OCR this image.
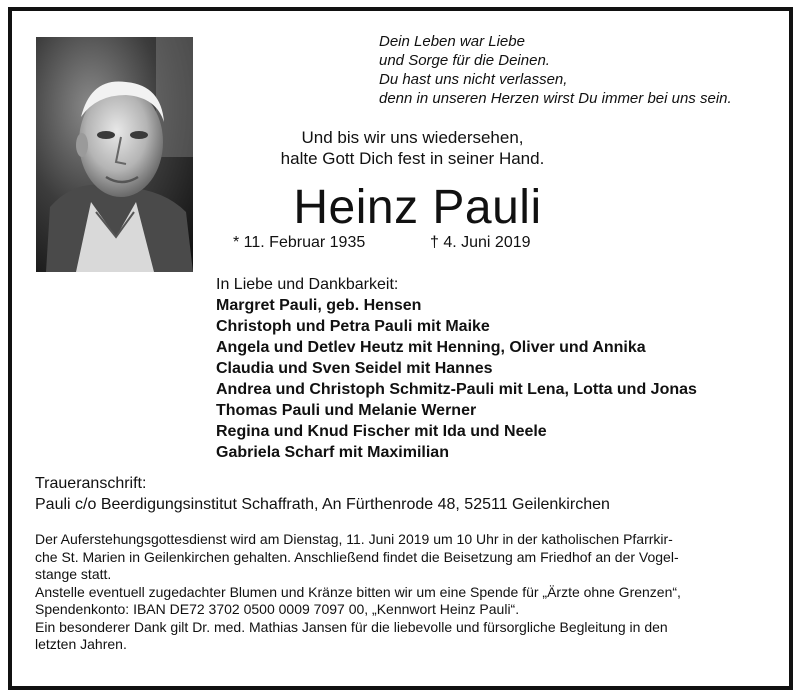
Dein Leben war Liebe
und Sorge für die Deinen.
Du hast uns nicht verlassen,
denn in unseren Herzen wirst Du immer bei uns sein.
Und bis wir uns wiedersehen,
halte Gott Dich fest in seiner Hand.
Heinz Pauli
* 11. Februar 1935	† 4. Juni 2019
In Liebe und Dankbarkeit:
Margret Pauli, geb. Hensen
Christoph und Petra Pauli mit Maike
Angela und Detlev Heutz mit Henning, Oliver und Annika
Claudia und Sven Seidel mit Hannes
Andrea und Christoph Schmitz-Pauli mit Lena, Lotta und Jonas
Thomas Pauli und Melanie Werner
Regina und Knud Fischer mit Ida und Neele
Gabriela Scharf mit Maximilian
Traueranschrift:
Pauli c/o Beerdigungsinstitut Schaffrath, An Fürthenrode 48, 52511 Geilenkirchen
Der Auferstehungsgottesdienst wird am Dienstag, 11. Juni 2019 um 10 Uhr in der katholischen Pfarrkir-
che St. Marien in Geilenkirchen gehalten. Anschließend findet die Beisetzung am Friedhof an der Vogel-
stange statt.
Anstelle eventuell zugedachter Blumen und Kränze bitten wir um eine Spende für „Ärzte ohne Grenzen“,
Spendenkonto: IBAN DE72 3702 0500 0009 7097 00, „Kennwort Heinz Pauli“.
Ein besonderer Dank gilt Dr. med. Mathias Jansen für die liebevolle und fürsorgliche Begleitung in den
letzten Jahren.
